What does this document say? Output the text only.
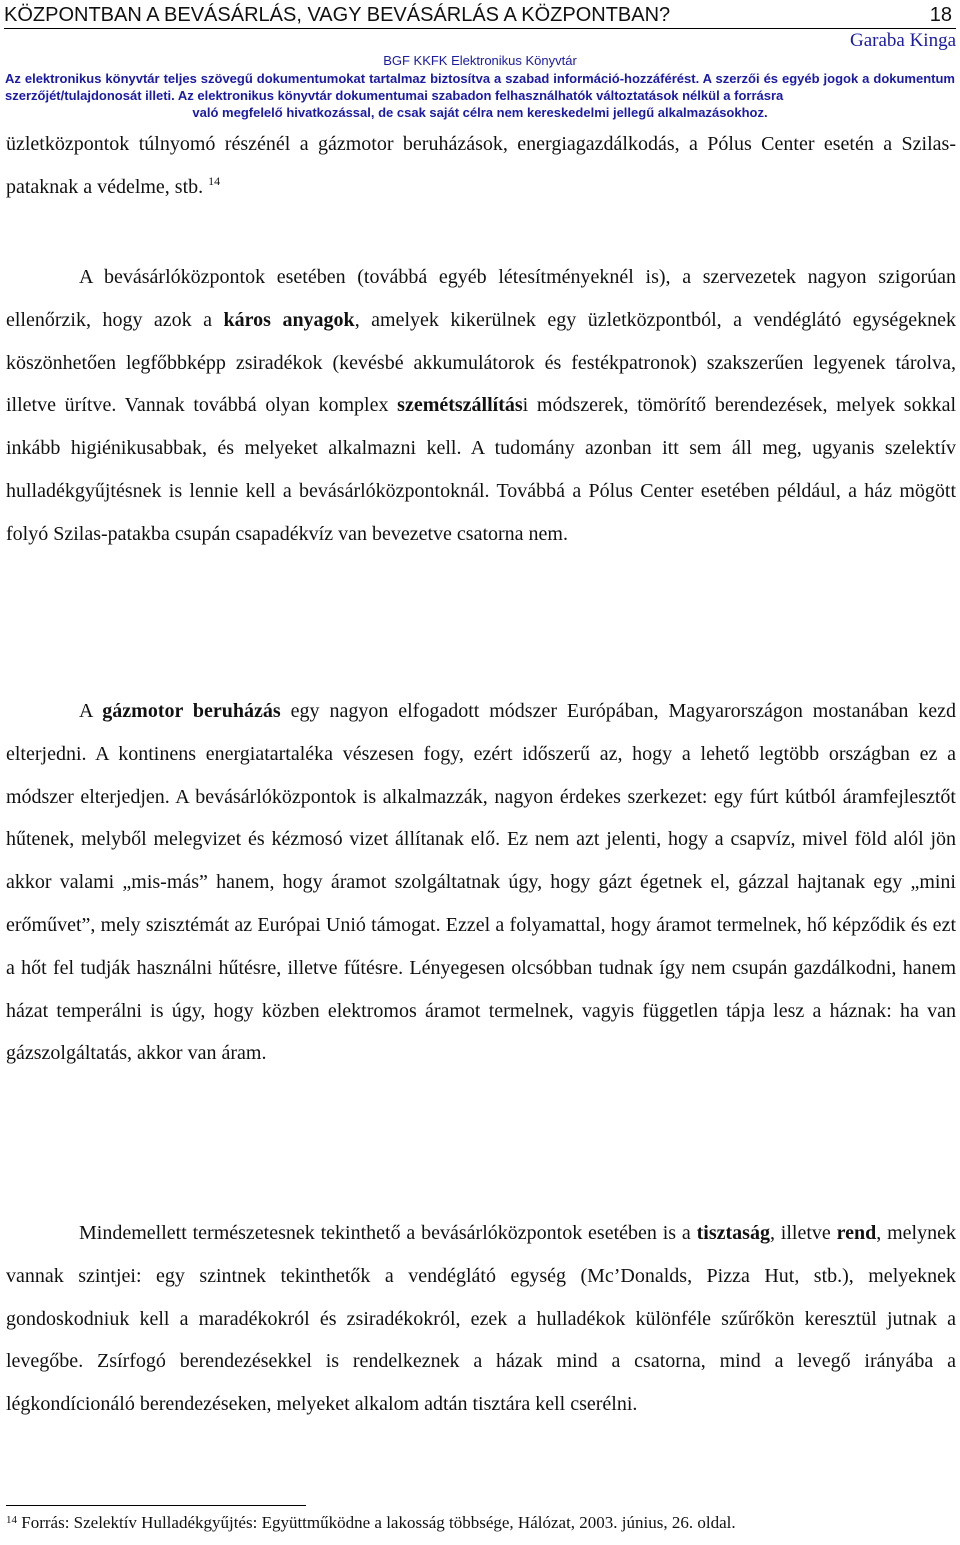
KÖZPONTBAN A BEVÁSÁRLÁS, VAGY BEVÁSÁRLÁS A KÖZPONTBAN?	18
Garaba Kinga
BGF KKFK Elektronikus Könyvtár
Az elektronikus könyvtár teljes szövegű dokumentumokat tartalmaz biztosítva a szabad információ-hozzáférést. A szerzői és egyéb jogok a dokumentum szerzőjét/tulajdonosát illeti. Az elektronikus könyvtár dokumentumai szabadon felhasználhatók változtatások nélkül a forrásra
való megfelelő hivatkozással, de csak saját célra nem kereskedelmi jellegű alkalmazásokhoz.
üzletközpontok túlnyomó részénél a gázmotor beruházások, energiagazdálkodás, a Pólus Center esetén a Szilas-pataknak a védelme, stb. $^{14}$
A bevásárlóközpontok esetében (továbbá egyéb létesítményeknél is), a szervezetek nagyon szigorúan ellenőrzik, hogy azok a káros anyagok, amelyek kikerülnek egy üzletközpontból, a vendéglátó egységeknek köszönhetően legfőbbképp zsiradékok (kevésbé akkumulátorok és festékpatronok) szakszerűen legyenek tárolva, illetve ürítve. Vannak továbbá olyan komplex szemétszállítási módszerek, tömörítő berendezések, melyek sokkal inkább higiénikusabbak, és melyeket alkalmazni kell. A tudomány azonban itt sem áll meg, ugyanis szelektív hulladékgyűjtésnek is lennie kell a bevásárlóközpontoknál. Továbbá a Pólus Center esetében például, a ház mögött folyó Szilas-patakba csupán csapadékvíz van bevezetve csatorna nem.
A gázmotor beruházás egy nagyon elfogadott módszer Európában, Magyarországon mostanában kezd elterjedni. A kontinens energiatartaléka vészesen fogy, ezért időszerű az, hogy a lehető legtöbb országban ez a módszer elterjedjen. A bevásárlóközpontok is alkalmazzák, nagyon érdekes szerkezet: egy fúrt kútból áramfejlesztőt hűtenek, melyből melegvizet és kézmosó vizet állítanak elő. Ez nem azt jelenti, hogy a csapvíz, mivel föld alól jön akkor valami „mis-más” hanem, hogy áramot szolgáltatnak úgy, hogy gázt égetnek el, gázzal hajtanak egy „mini erőművet”, mely szisztémát az Európai Unió támogat. Ezzel a folyamattal, hogy áramot termelnek, hő képződik és ezt a hőt fel tudják használni hűtésre, illetve fűtésre. Lényegesen olcsóbban tudnak így nem csupán gazdálkodni, hanem házat temperálni is úgy, hogy közben elektromos áramot termelnek, vagyis független tápja lesz a háznak: ha van gázszolgáltatás, akkor van áram.
Mindemellett természetesnek tekinthető a bevásárlóközpontok esetében is a tisztaság, illetve rend, melynek vannak szintjei: egy szintnek tekinthetők a vendéglátó egység (Mc’Donalds, Pizza Hut, stb.), melyeknek gondoskodniuk kell a maradékokról és zsiradékokról, ezek a hulladékok különféle szűrőkön keresztül jutnak a levegőbe. Zsírfogó berendezésekkel is rendelkeznek a házak mind a csatorna, mind a levegő irányába a légkondícionáló berendezéseken, melyeket alkalom adtán tisztára kell cserélni.
$^{14}$ Forrás: Szelektív Hulladékgyűjtés: Együttműködne a lakosság többsége, Hálózat, 2003. június, 26. oldal.
